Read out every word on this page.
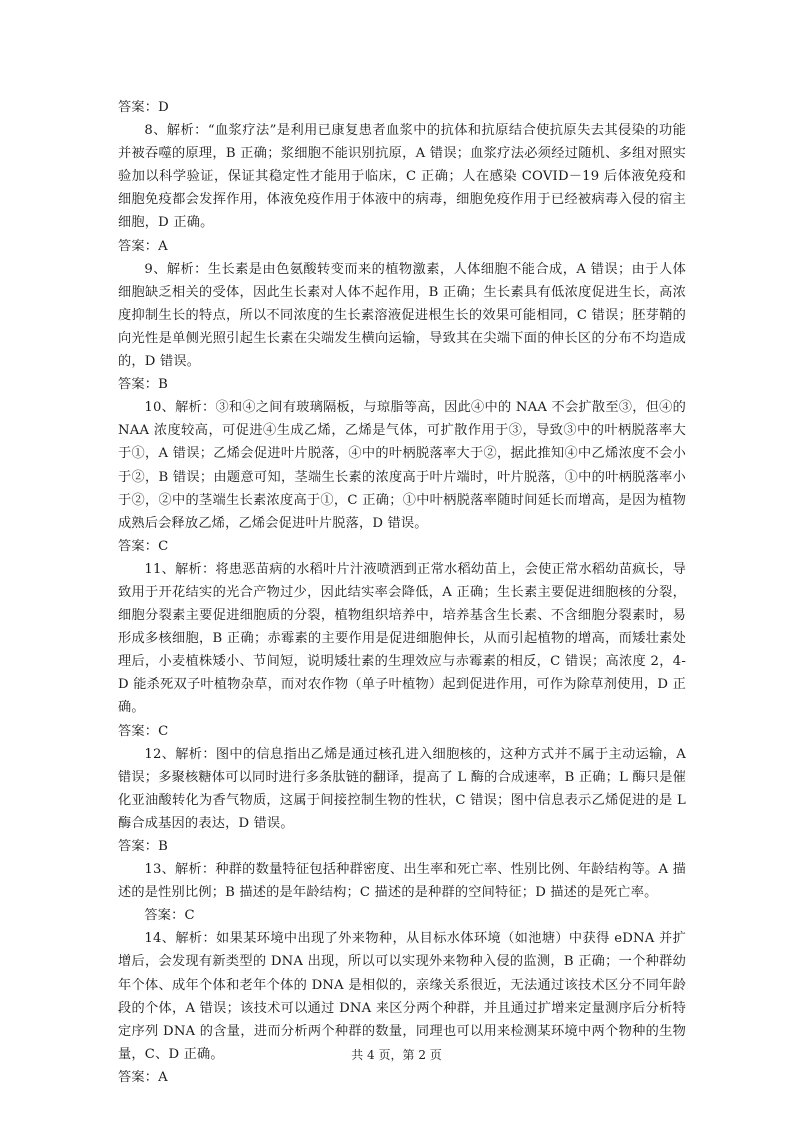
答案：D

8、解析：“血浆疗法”是利用已康复患者血浆中的抗体和抗原结合使抗原失去其侵染的功能并被吞噬的原理，B 正确；浆细胞不能识别抗原，A 错误；血浆疗法必须经过随机、多组对照实验加以科学验证，保证其稳定性才能用于临床，C 正确；人在感染 COVID－19 后体液免疫和细胞免疫都会发挥作用，体液免疫作用于体液中的病毒，细胞免疫作用于已经被病毒入侵的宿主细胞，D 正确。

答案：A

9、解析：生长素是由色氨酸转变而来的植物激素，人体细胞不能合成，A 错误；由于人体细胞缺乏相关的受体，因此生长素对人体不起作用，B 正确；生长素具有低浓度促进生长，高浓度抑制生长的特点，所以不同浓度的生长素溶液促进根生长的效果可能相同，C 错误；胚芽鞘的向光性是单侧光照引起生长素在尖端发生横向运输，导致其在尖端下面的伸长区的分布不均造成的，D 错误。

答案：B

10、解析：③和④之间有玻璃隔板，与琼脂等高，因此④中的 NAA 不会扩散至③，但④的 NAA 浓度较高，可促进④生成乙烯，乙烯是气体，可扩散作用于③，导致③中的叶柄脱落率大于①，A 错误；乙烯会促进叶片脱落，④中的叶柄脱落率大于②，据此推知④中乙烯浓度不会小于②，B 错误；由题意可知，茎端生长素的浓度高于叶片端时，叶片脱落，①中的叶柄脱落率小于②，②中的茎端生长素浓度高于①，C 正确；①中叶柄脱落率随时间延长而增高，是因为植物成熟后会释放乙烯，乙烯会促进叶片脱落，D 错误。

答案：C

11、解析：将患恶苗病的水稻叶片汁液喷洒到正常水稻幼苗上，会使正常水稻幼苗疯长，导致用于开花结实的光合产物过少，因此结实率会降低，A 正确；生长素主要促进细胞核的分裂，细胞分裂素主要促进细胞质的分裂，植物组织培养中，培养基含生长素、不含细胞分裂素时，易形成多核细胞，B 正确；赤霉素的主要作用是促进细胞伸长，从而引起植物的增高，而矮壮素处理后，小麦植株矮小、节间短，说明矮壮素的生理效应与赤霉素的相反，C 错误；高浓度 2，4-D 能杀死双子叶植物杂草，而对农作物（单子叶植物）起到促进作用，可作为除草剂使用，D 正确。

答案：C

12、解析：图中的信息指出乙烯是通过核孔进入细胞核的，这种方式并不属于主动运输，A 错误；多聚核糖体可以同时进行多条肽链的翻译，提高了 L 酶的合成速率，B 正确；L 酶只是催化亚油酸转化为香气物质，这属于间接控制生物的性状，C 错误；图中信息表示乙烯促进的是 L 酶合成基因的表达，D 错误。

答案：B

13、解析：种群的数量特征包括种群密度、出生率和死亡率、性别比例、年龄结构等。A 描述的是性别比例；B 描述的是年龄结构；C 描述的是种群的空间特征；D 描述的是死亡率。

答案：C

14、解析：如果某环境中出现了外来物种，从目标水体环境（如池塘）中获得 eDNA 并扩增后，会发现有新类型的 DNA 出现，所以可以实现外来物种入侵的监测，B 正确；一个种群幼年个体、成年个体和老年个体的 DNA 是相似的，亲缘关系很近，无法通过该技术区分不同年龄段的个体，A 错误；该技术可以通过 DNA 来区分两个种群，并且通过扩增来定量测序后分析特定序列 DNA 的含量，进而分析两个种群的数量，同理也可以用来检测某环境中两个物种的生物量，C、D 正确。

答案：A

共 4 页，第 2 页
